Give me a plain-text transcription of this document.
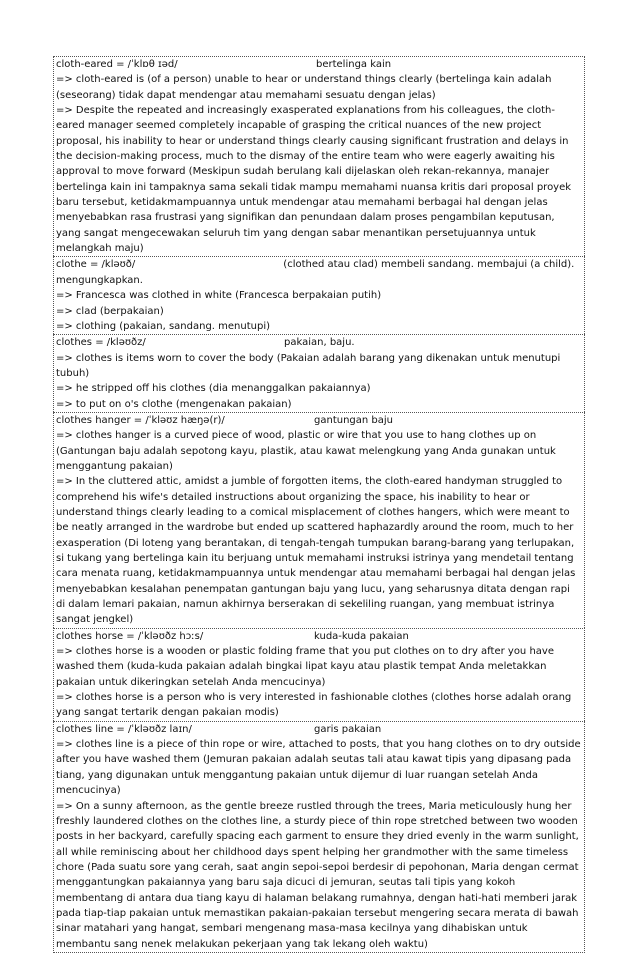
cloth-eared = /ˈklɒθ ɪəd/	bertelinga kain

=> cloth-eared is (of a person) unable to hear or understand things clearly (bertelinga kain adalah (seseorang) tidak dapat mendengar atau memahami sesuatu dengan jelas)

=> Despite the repeated and increasingly exasperated explanations from his colleagues, the cloth-eared manager seemed completely incapable of grasping the critical nuances of the new project proposal, his inability to hear or understand things clearly causing significant frustration and delays in the decision-making process, much to the dismay of the entire team who were eagerly awaiting his approval to move forward (Meskipun sudah berulang kali dijelaskan oleh rekan-rekannya, manajer bertelinga kain ini tampaknya sama sekali tidak mampu memahami nuansa kritis dari proposal proyek baru tersebut, ketidakmampuannya untuk mendengar atau memahami berbagai hal dengan jelas menyebabkan rasa frustrasi yang signifikan dan penundaan dalam proses pengambilan keputusan, yang sangat mengecewakan seluruh tim yang dengan sabar menantikan persetujuannya untuk melangkah maju)

clothe = /kləʊð/	(clothed atau clad) membeli sandang. membajui (a child). mengungkapkan.

=> Francesca was clothed in white (Francesca berpakaian putih)

=> clad (berpakaian)

=> clothing (pakaian, sandang. menutupi)

clothes = /kləʊðz/	pakaian, baju.

=> clothes is items worn to cover the body (Pakaian adalah barang yang dikenakan untuk menutupi tubuh)

=> he stripped off his clothes (dia menanggalkan pakaiannya)

=> to put on o's clothe (mengenakan pakaian)

clothes hanger = /ˈkləʊz hæŋə(r)/	gantungan baju

=> clothes hanger is a curved piece of wood, plastic or wire that you use to hang clothes up on (Gantungan baju adalah sepotong kayu, plastik, atau kawat melengkung yang Anda gunakan untuk menggantung pakaian)

=> In the cluttered attic, amidst a jumble of forgotten items, the cloth-eared handyman struggled to comprehend his wife's detailed instructions about organizing the space, his inability to hear or understand things clearly leading to a comical misplacement of clothes hangers, which were meant to be neatly arranged in the wardrobe but ended up scattered haphazardly around the room, much to her exasperation (Di loteng yang berantakan, di tengah-tengah tumpukan barang-barang yang terlupakan, si tukang yang bertelinga kain itu berjuang untuk memahami instruksi istrinya yang mendetail tentang cara menata ruang, ketidakmampuannya untuk mendengar atau memahami berbagai hal dengan jelas menyebabkan kesalahan penempatan gantungan baju yang lucu, yang seharusnya ditata dengan rapi di dalam lemari pakaian, namun akhirnya berserakan di sekeliling ruangan, yang membuat istrinya sangat jengkel)

clothes horse = /ˈkləʊðz hɔːs/	kuda-kuda pakaian

=> clothes horse is a wooden or plastic folding frame that you put clothes on to dry after you have washed them (kuda-kuda pakaian adalah bingkai lipat kayu atau plastik tempat Anda meletakkan pakaian untuk dikeringkan setelah Anda mencucinya)

=> clothes horse is a person who is very interested in fashionable clothes (clothes horse adalah orang yang sangat tertarik dengan pakaian modis)

clothes line = /ˈkləʊðz laɪn/	garis pakaian

=> clothes line is a piece of thin rope or wire, attached to posts, that you hang clothes on to dry outside after you have washed them (Jemuran pakaian adalah seutas tali atau kawat tipis yang dipasang pada tiang, yang digunakan untuk menggantung pakaian untuk dijemur di luar ruangan setelah Anda mencucinya)

=> On a sunny afternoon, as the gentle breeze rustled through the trees, Maria meticulously hung her freshly laundered clothes on the clothes line, a sturdy piece of thin rope stretched between two wooden posts in her backyard, carefully spacing each garment to ensure they dried evenly in the warm sunlight, all while reminiscing about her childhood days spent helping her grandmother with the same timeless chore (Pada suatu sore yang cerah, saat angin sepoi-sepoi berdesir di pepohonan, Maria dengan cermat menggantungkan pakaiannya yang baru saja dicuci di jemuran, seutas tali tipis yang kokoh membentang di antara dua tiang kayu di halaman belakang rumahnya, dengan hati-hati memberi jarak pada tiap-tiap pakaian untuk memastikan pakaian-pakaian tersebut mengering secara merata di bawah sinar matahari yang hangat, sembari mengenang masa-masa kecilnya yang dihabiskan untuk membantu sang nenek melakukan pekerjaan yang tak lekang oleh waktu)
